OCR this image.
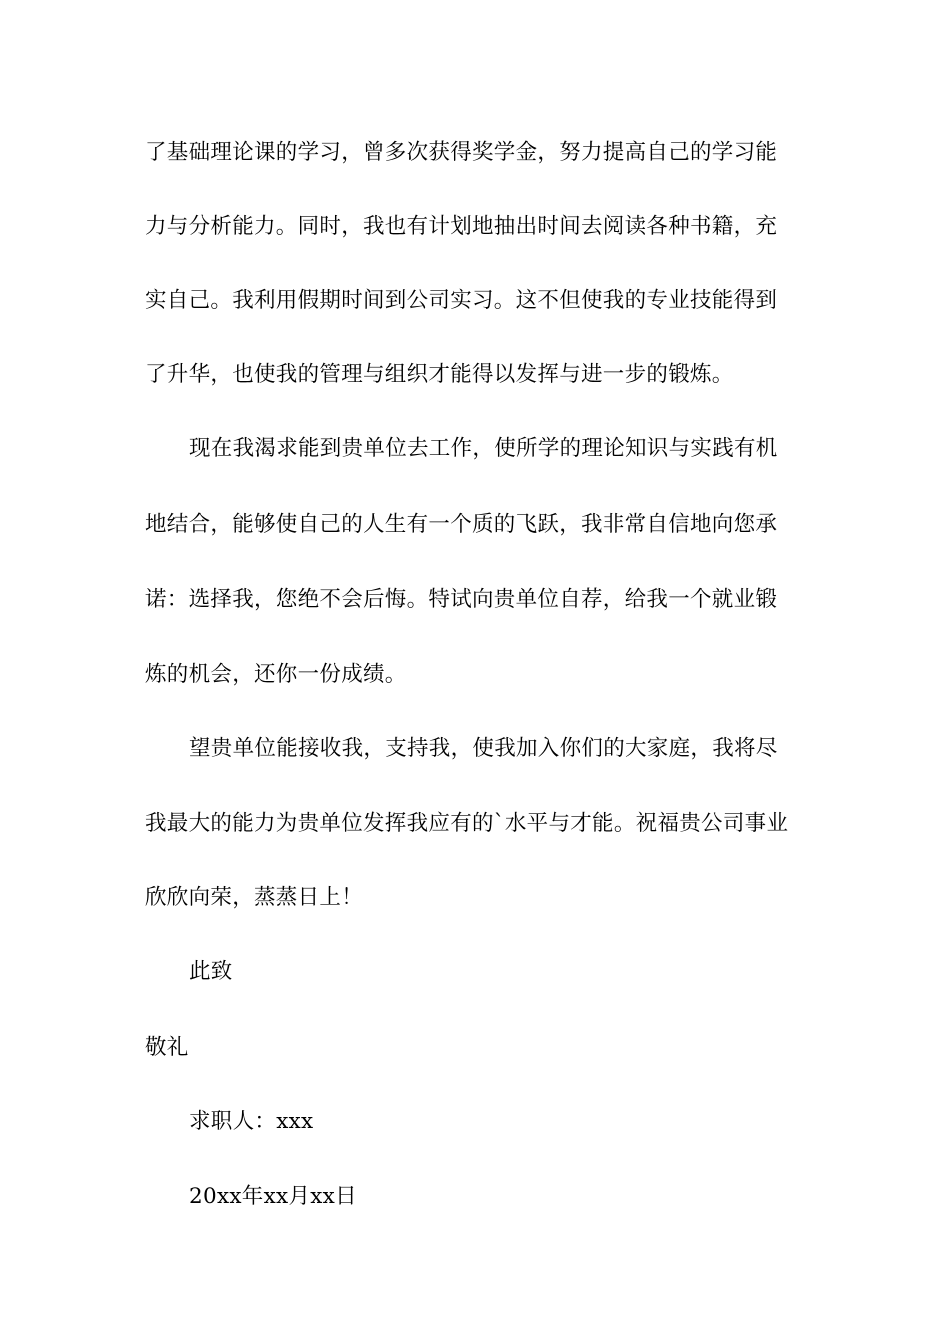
了基础理论课的学习，曾多次获得奖学金，努力提高自己的学习能
力与分析能力。同时，我也有计划地抽出时间去阅读各种书籍，充
实自己。我利用假期时间到公司实习。这不但使我的专业技能得到
了升华，也使我的管理与组织才能得以发挥与进一步的锻炼。
现在我渴求能到贵单位去工作，使所学的理论知识与实践有机
地结合，能够使自己的人生有一个质的飞跃，我非常自信地向您承
诺：选择我，您绝不会后悔。特试向贵单位自荐，给我一个就业锻
炼的机会，还你一份成绩。
望贵单位能接收我，支持我，使我加入你们的大家庭，我将尽
我最大的能力为贵单位发挥我应有的`水平与才能。祝福贵公司事业
欣欣向荣，蒸蒸日上！
此致
敬礼
求职人：xxx
20xx年xx月xx日
